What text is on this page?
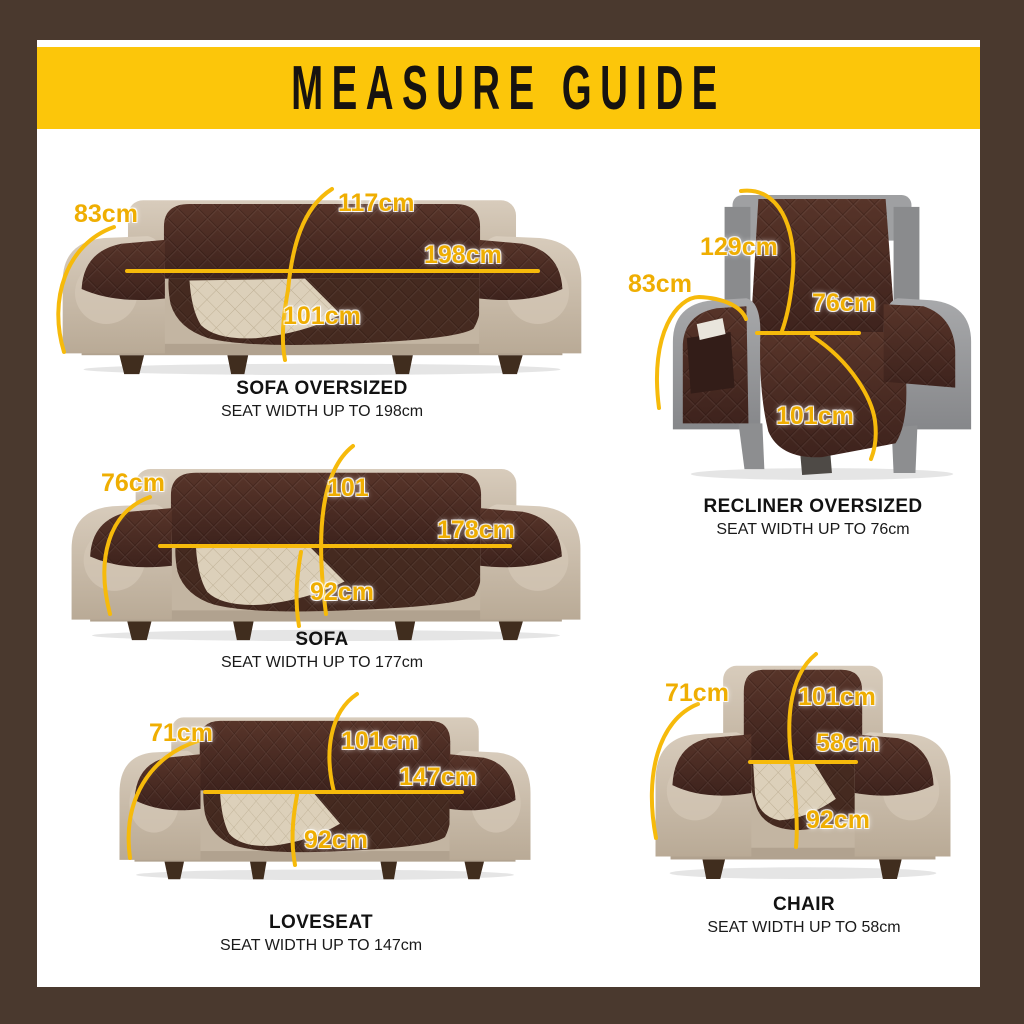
MEASURE GUIDE
83cm	117cm
198cm
101cm
SOFA OVERSIZED
SEAT WIDTH UP TO 198cm
129cm
83cm
76cm
101cm
RECLINER OVERSIZED
SEAT WIDTH UP TO 76cm
76cm	101
178cm
92cm
SOFA
SEAT WIDTH UP TO 177cm
71cm	101cm
147cm
92cm
LOVESEAT
SEAT WIDTH UP TO 147cm
71cm	101cm
58cm
92cm
CHAIR
SEAT WIDTH UP TO 58cm
